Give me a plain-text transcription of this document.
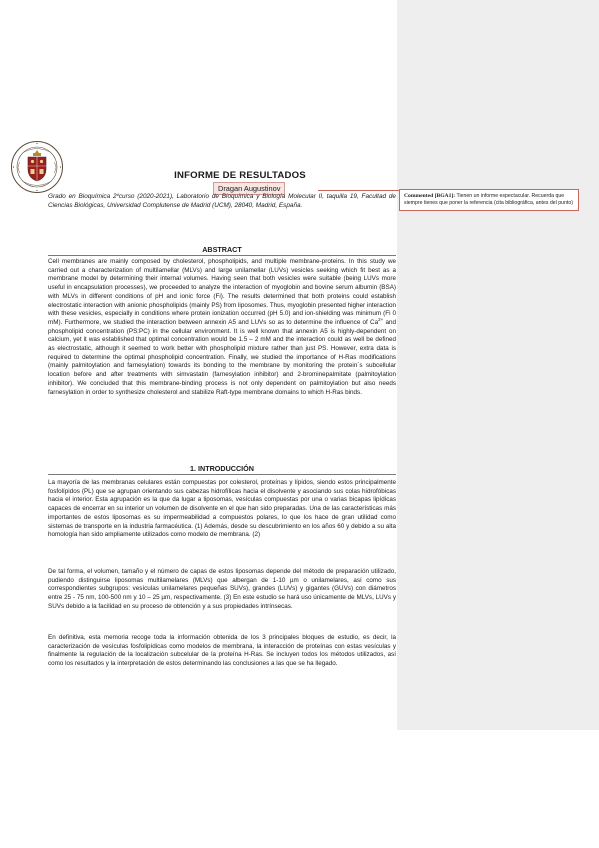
INFORME DE RESULTADOS
Dragan Augustinov
Grado en Bioquímica 2ºcurso (2020-2021), Laboratorio de Bioquímica y Biología Molecular II, taquilla 19, Facultad de Ciencias Biológicas, Universidad Complutense de Madrid (UCM), 28040, Madrid, España.
ABSTRACT

Cell membranes are mainly composed by cholesterol, phospholipids, and multiple membrane-proteins. In this study we carried out a characterization of multilamellar (MLVs) and large unilamellar (LUVs) vesicles seeking which fit best as a membrane model by determining their internal volumes. Having seen that both vesicles were suitable (being LUVs more useful in encapsulation processes), we proceeded to analyze the interaction of myoglobin and bovine serum albumin (BSA) with MLVs in different conditions of pH and ionic force (Fi). The results determined that both proteins could establish electrostatic interaction with anionic phospholipids (mainly PS) from liposomes. Thus, myoglobin presented higher interaction with these vesicles, especially in conditions where protein ionization occurred (pH 5.0) and ion-shielding was minimum (Fi 0 mM). Furthermore, we studied the interaction between annexin A5 and LUVs so as to determine the influence of $Ca^{2+}$ and phospholipid concentration (PS:PC) in the cellular environment. It is well known that annexin A5 is highly-dependent on calcium, yet it was established that optimal concentration would be 1.5 – 2 mM and the interaction could as well be defined as electrostatic, although it seemed to work better with phospholipid mixture rather than just PS. However, extra data is required to determine the optimal phospholipid concentration. Finally, we studied the importance of H-Ras modifications (mainly palmitoylation and farnesylation) towards its bonding to the membrane by monitoring the protein´s subcellular location before and after treatments with simvastatin (farnesylation inhibitor) and 2-brominepalmitate (palmitoylation inhibitor). We concluded that this membrane-binding process is not only dependent on palmitoylation but also needs farnesylation in order to synthesize cholesterol and stabilize Raft-type membrane domains to which H-Ras binds.

1. INTRODUCCIÓN

La mayoría de las membranas celulares están compuestas por colesterol, proteínas y lípidos, siendo estos principalmente fosfolípidos (PL) que se agrupan orientando sus cabezas hidrofílicas hacia el disolvente y asociando sus colas hidrofóbicas hacia el interior. Esta agrupación es la que da lugar a liposomas, vesículas compuestas por una o varias bicapas lipídicas capaces de encerrar en su interior un volumen de disolvente en el que han sido preparadas. Una de las características más importantes de estos liposomas es su impermeabilidad a compuestos polares, lo que los hace de gran utilidad como sistemas de transporte en la industria farmacéutica. (1) Además, desde su descubrimiento en los años 60 y debido a su alta homología han sido ampliamente utilizados como modelo de membrana. (2)

De tal forma, el volumen, tamaño y el número de capas de estos liposomas depende del método de preparación utilizado, pudiendo distinguirse liposomas multilamelares (MLVs) que albergan de 1-10 µm o unilamelares, así como sus correspondientes subgrupos: vesículas unilamelares pequeñas SUVs), grandes (LUVs) y gigantes (GUVs) con diámetros entre 25 - 75 nm, 100-500 nm y 10 – 25 µm, respectivamente. (3) En este estudio se hará uso únicamente de MLVs, LUVs y SUVs debido a la facilidad en su proceso de obtención y a sus propiedades intrínsecas.

En definitiva, esta memoria recoge toda la información obtenida de los 3 principales bloques de estudio, es decir, la caracterización de vesículas fosfolipídicas como modelos de membrana, la interacción de proteínas con estas vesículas y finalmente la regulación de la localización subcelular de la proteína H-Ras. Se incluyen todos los métodos utilizados, así como los resultados y la interpretación de estos determinando las conclusiones a las que se ha llegado.

Commented [BGA1]: Tienen un informe espectacular. Recuerda que siempre tienes que poner la referencia (cita bibliográfica, antes del punto)
